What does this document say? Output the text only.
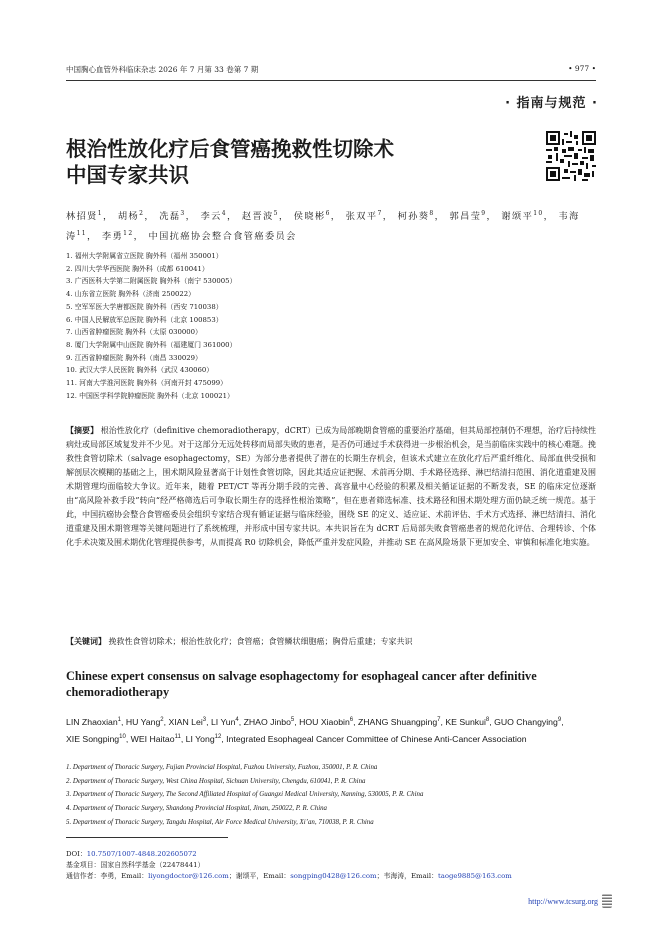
中国胸心血管外科临床杂志 2026 年 7 月第 33 卷第 7 期	• 977 •
· 指南与规范 ·
根治性放化疗后食管癌挽救性切除术
中国专家共识
林招贤$^1$， 胡杨$^2$， 冼磊$^3$， 李云$^4$， 赵晋波$^5$， 侯晓彬$^6$， 张双平$^7$， 柯孙葵$^8$， 郭昌莹$^9$， 谢颂平$^{10}$， 韦海涛$^{11}$， 李勇$^{12}$， 中国抗癌协会整合食管癌委员会
1. 福州大学附属省立医院 胸外科（福州 350001）
2. 四川大学华西医院 胸外科（成都 610041）
3. 广西医科大学第二附属医院 胸外科（南宁 530005）
4. 山东省立医院 胸外科（济南 250022）
5. 空军军医大学唐都医院 胸外科（西安 710038）
6. 中国人民解放军总医院 胸外科（北京 100853）
7. 山西省肿瘤医院 胸外科（太原 030000）
8. 厦门大学附属中山医院 胸外科（福建厦门 361000）
9. 江西省肿瘤医院 胸外科（南昌 330029）
10. 武汉大学人民医院 胸外科（武汉 430060）
11. 河南大学淮河医院 胸外科（河南开封 475099）
12. 中国医学科学院肿瘤医院 胸外科（北京 100021）

【摘要】 根治性放化疗（definitive chemoradiotherapy，dCRT）已成为局部晚期食管癌的重要治疗基础，但其局部控制仍不理想，治疗后持续性病灶或局部区域复发并不少见。对于这部分无远处转移而局部失败的患者，是否仍可通过手术获得进一步根治机会，是当前临床实践中的核心难题。挽救性食管切除术（salvage esophagectomy，SE）为部分患者提供了潜在的长期生存机会，但该术式建立在放化疗后严重纤维化、局部血供受损和解剖层次模糊的基础之上，围术期风险显著高于计划性食管切除，因此其适应证把握、术前再分期、手术路径选择、淋巴结清扫范围、消化道重建及围术期管理均面临较大争议。近年来，随着 PET/CT 等再分期手段的完善、高容量中心经验的积累及相关循证证据的不断发表，SE 的临床定位逐渐由“高风险补救手段”转向“经严格筛选后可争取长期生存的选择性根治策略”，但在患者筛选标准、技术路径和围术期处理方面仍缺乏统一规范。基于此，中国抗癌协会整合食管癌委员会组织专家结合现有循证证据与临床经验，围绕 SE 的定义、适应证、术前评估、手术方式选择、淋巴结清扫、消化道重建及围术期管理等关键问题进行了系统梳理，并形成中国专家共识。本共识旨在为 dCRT 后局部失败食管癌患者的规范化评估、合理转诊、个体化手术决策及围术期优化管理提供参考，从而提高 R0 切除机会，降低严重并发症风险，并推动 SE 在高风险场景下更加安全、审慎和标准化地实施。

【关键词】 挽救性食管切除术；根治性放化疗；食管癌；食管鳞状细胞癌；胸骨后重建；专家共识
Chinese expert consensus on salvage esophagectomy for esophageal cancer after definitive chemoradiotherapy
LIN Zhaoxian$^1$, HU Yang$^2$, XIAN Lei$^3$, LI Yun$^4$, ZHAO Jinbo$^5$, HOU Xiaobin$^6$, ZHANG Shuangping$^7$, KE Sunkui$^8$, GUO Changying$^9$, XIE Songping$^{10}$, WEI Haitao$^{11}$, LI Yong$^{12}$, Integrated Esophageal Cancer Committee of Chinese Anti-Cancer Association
1. Department of Thoracic Surgery, Fujian Provincial Hospital, Fuzhou University, Fuzhou, 350001, P. R. China
2. Department of Thoracic Surgery, West China Hospital, Sichuan University, Chengdu, 610041, P. R. China
3. Department of Thoracic Surgery, The Second Affiliated Hospital of Guangxi Medical University, Nanning, 530005, P. R. China
4. Department of Thoracic Surgery, Shandong Provincial Hospital, Jinan, 250022, P. R. China
5. Department of Thoracic Surgery, Tangdu Hospital, Air Force Medical University, Xi’an, 710038, P. R. China
DOI：10.7507/1007-4848.202605072
基金项目：国家自然科学基金（22478441）
通信作者：李勇，Email：liyongdoctor@126.com；谢颂平，Email：songping0428@126.com；韦海涛，Email：taoge9885@163.com
http://www.tcsurg.org
